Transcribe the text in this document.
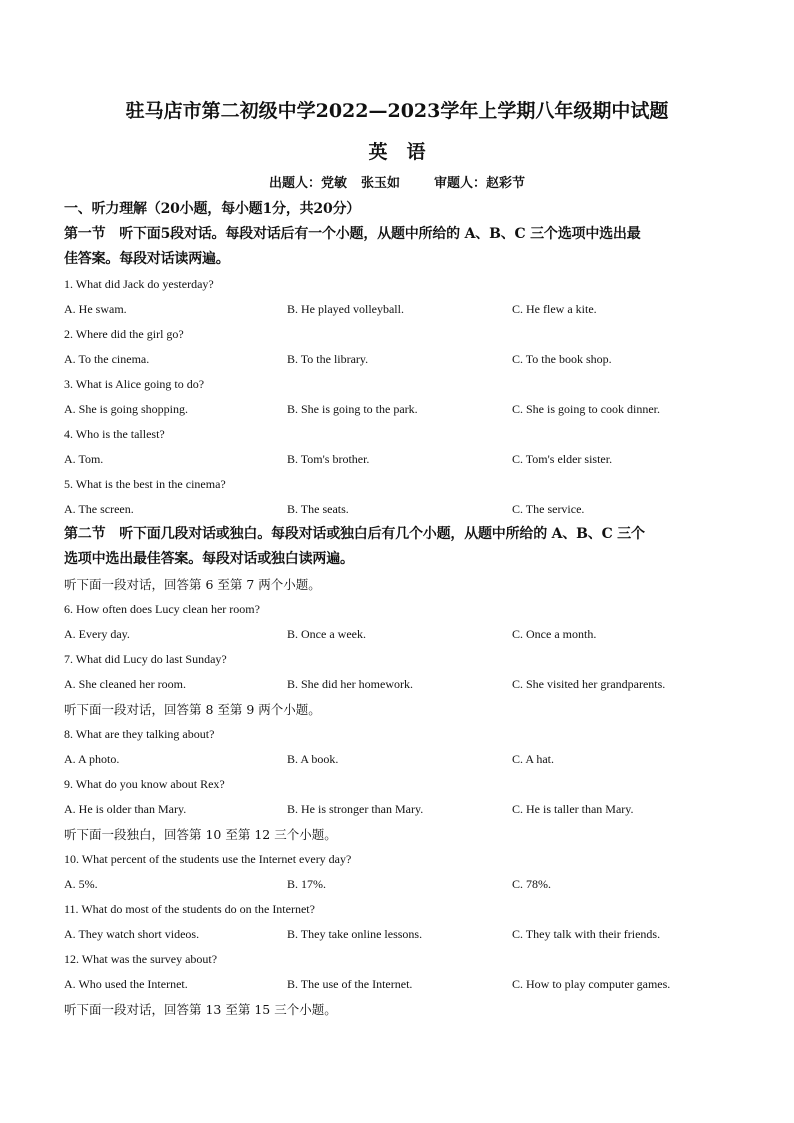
驻马店市第二初级中学2022—2023学年上学期八年级期中试题
英　语
出题人：党敏 张玉如	审题人：赵彩节
一、听力理解（20小题，每小题1分，共20分）
第一节　听下面5段对话。每段对话后有一个小题，从题中所给的 A、B、C 三个选项中选出最
佳答案。每段对话读两遍。
1. What did Jack do yesterday?
A. He swam.	B. He played volleyball.	C. He flew a kite.
2. Where did the girl go?
A. To the cinema.	B. To the library.	C. To the book shop.
3. What is Alice going to do?
A. She is going shopping.	B. She is going to the park.	C. She is going to cook dinner.
4. Who is the tallest?
A. Tom.	B. Tom's brother.	C. Tom's elder sister.
5. What is the best in the cinema?
A. The screen.	B. The seats.	C. The service.
第二节　听下面几段对话或独白。每段对话或独白后有几个小题，从题中所给的 A、B、C 三个
选项中选出最佳答案。每段对话或独白读两遍。
听下面一段对话，回答第 6 至第 7 两个小题。
6. How often does Lucy clean her room?
A. Every day.	B. Once a week.	C. Once a month.
7. What did Lucy do last Sunday?
A. She cleaned her room.	B. She did her homework.	C. She visited her grandparents.
听下面一段对话，回答第 8 至第 9 两个小题。
8. What are they talking about?
A. A photo.	B. A book.	C. A hat.
9. What do you know about Rex?
A. He is older than Mary.	B. He is stronger than Mary.	C. He is taller than Mary.
听下面一段独白，回答第 10 至第 12 三个小题。
10. What percent of the students use the Internet every day?
A. 5%.	B. 17%.	C. 78%.
11. What do most of the students do on the Internet?
A. They watch short videos.	B. They take online lessons.	C. They talk with their friends.
12. What was the survey about?
A. Who used the Internet.	B. The use of the Internet.	C. How to play computer games.
听下面一段对话，回答第 13 至第 15 三个小题。
